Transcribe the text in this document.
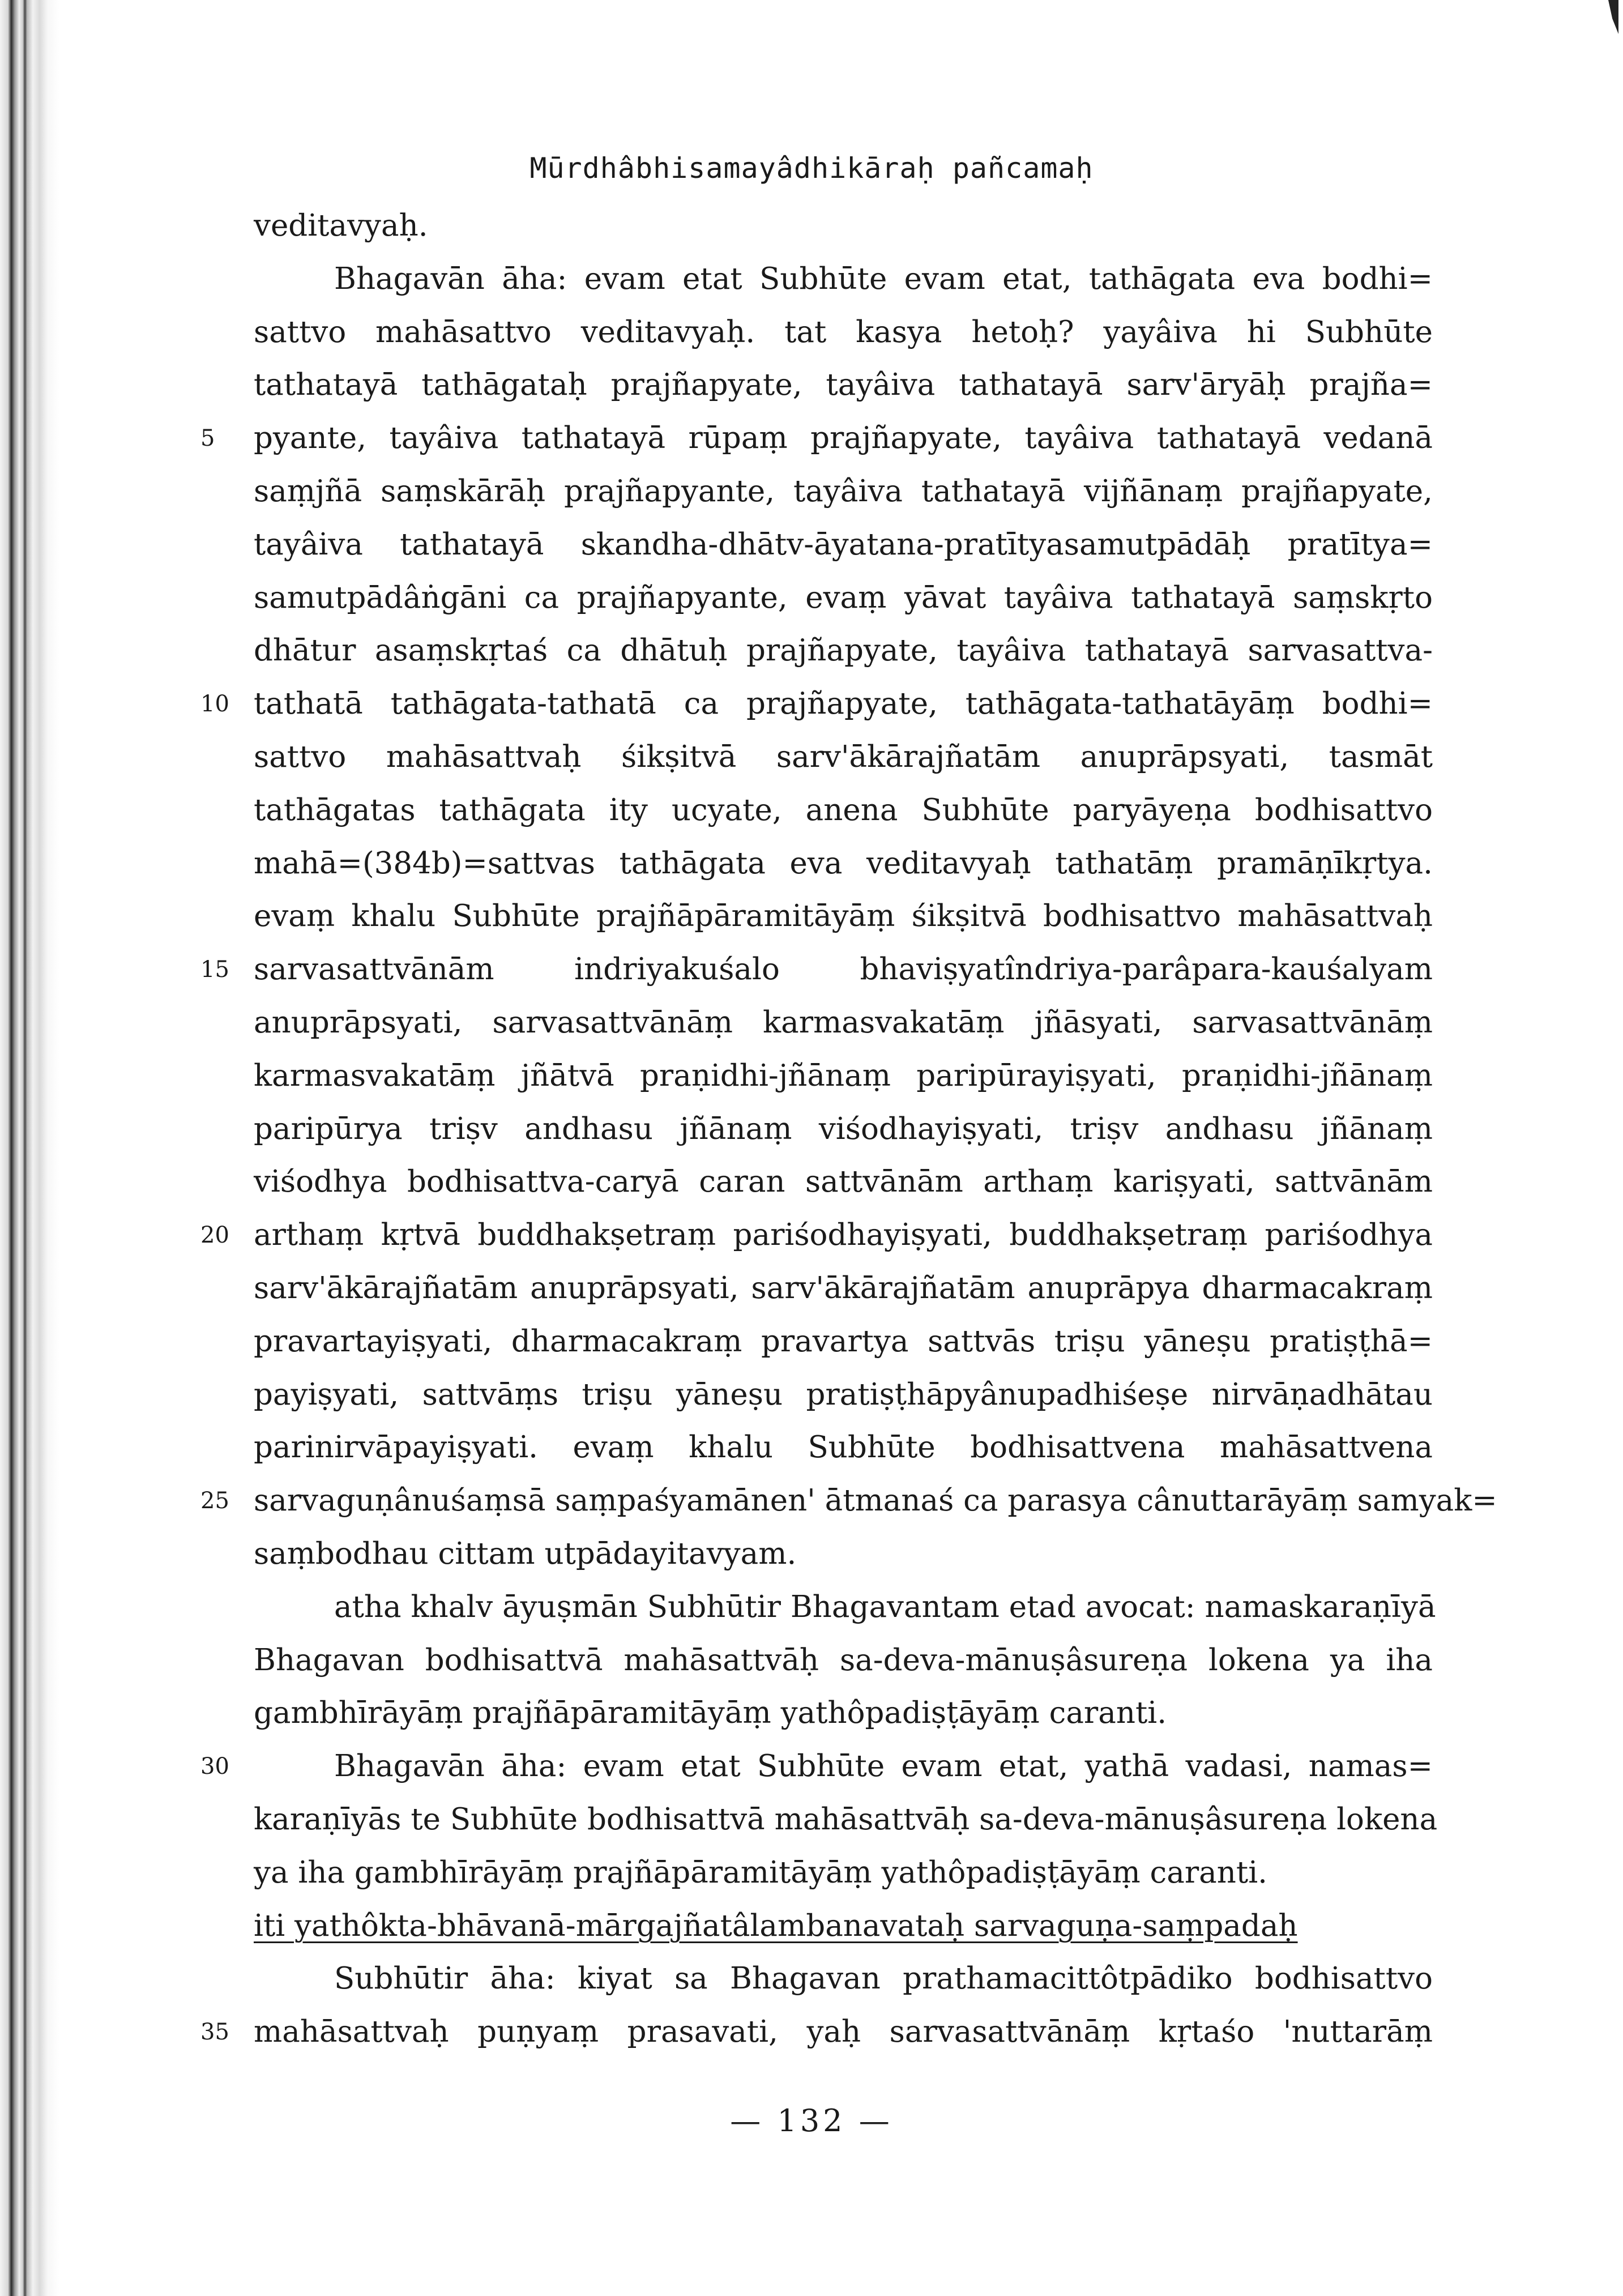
Mūrdhâbhisamayâdhikāraḥ pañcamaḥ
veditavyaḥ.
Bhagavān āha: evam etat Subhūte evam etat, tathāgata eva bodhi=
sattvo mahāsattvo veditavyaḥ. tat kasya hetoḥ? yayâiva hi Subhūte
tathatayā tathāgataḥ prajñapyate, tayâiva tathatayā sarv'āryāḥ prajña=
pyante, tayâiva tathatayā rūpaṃ prajñapyate, tayâiva tathatayā vedanā
5
saṃjñā saṃskārāḥ prajñapyante, tayâiva tathatayā vijñānaṃ prajñapyate,
tayâiva tathatayā skandha-dhātv-āyatana-pratītyasamutpādāḥ pratītya=
samutpādâṅgāni ca prajñapyante, evaṃ yāvat tayâiva tathatayā saṃskṛto
dhātur asaṃskṛtaś ca dhātuḥ prajñapyate, tayâiva tathatayā sarvasattva-
tathatā tathāgata-tathatā ca prajñapyate, tathāgata-tathatāyāṃ bodhi=
10
sattvo mahāsattvaḥ śikṣitvā sarv'ākārajñatām anuprāpsyati, tasmāt
tathāgatas tathāgata ity ucyate, anena Subhūte paryāyeṇa bodhisattvo
mahā=(384b)=sattvas tathāgata eva veditavyaḥ tathatāṃ pramāṇīkṛtya.
evaṃ khalu Subhūte prajñāpāramitāyāṃ śikṣitvā bodhisattvo mahāsattvaḥ
sarvasattvānām indriyakuśalo bhaviṣyatîndriya-parâpara-kauśalyam
15
anuprāpsyati, sarvasattvānāṃ karmasvakatāṃ jñāsyati, sarvasattvānāṃ
karmasvakatāṃ jñātvā praṇidhi-jñānaṃ paripūrayiṣyati, praṇidhi-jñānaṃ
paripūrya triṣv andhasu jñānaṃ viśodhayiṣyati, triṣv andhasu jñānaṃ
viśodhya bodhisattva-caryā caran sattvānām arthaṃ kariṣyati, sattvānām
arthaṃ kṛtvā buddhakṣetraṃ pariśodhayiṣyati, buddhakṣetraṃ pariśodhya
20
sarv'ākārajñatām anuprāpsyati, sarv'ākārajñatām anuprāpya dharmacakraṃ
pravartayiṣyati, dharmacakraṃ pravartya sattvās triṣu yāneṣu pratiṣṭhā=
payiṣyati, sattvāṃs triṣu yāneṣu pratiṣṭhāpyânupadhiśeṣe nirvāṇadhātau
parinirvāpayiṣyati. evaṃ khalu Subhūte bodhisattvena mahāsattvena
sarvaguṇânuśaṃsā saṃpaśyamānen' ātmanaś ca parasya cânuttarāyāṃ samyak=
25
saṃbodhau cittam utpādayitavyam.
atha khalv āyuṣmān Subhūtir Bhagavantam etad avocat: namaskaraṇīyā
Bhagavan bodhisattvā mahāsattvāḥ sa-deva-mānuṣâsureṇa lokena ya iha
gambhīrāyāṃ prajñāpāramitāyāṃ yathôpadiṣṭāyāṃ caranti.
Bhagavān āha: evam etat Subhūte evam etat, yathā vadasi, namas=
30
karaṇīyās te Subhūte bodhisattvā mahāsattvāḥ sa-deva-mānuṣâsureṇa lokena
ya iha gambhīrāyāṃ prajñāpāramitāyāṃ yathôpadiṣṭāyāṃ caranti.
iti yathôkta-bhāvanā-mārgajñatâlambanavataḥ sarvaguṇa-saṃpadaḥ
Subhūtir āha: kiyat sa Bhagavan prathamacittôtpādiko bodhisattvo
mahāsattvaḥ puṇyaṃ prasavati, yaḥ sarvasattvānāṃ kṛtaśo 'nuttarāṃ
35
— 132 —
